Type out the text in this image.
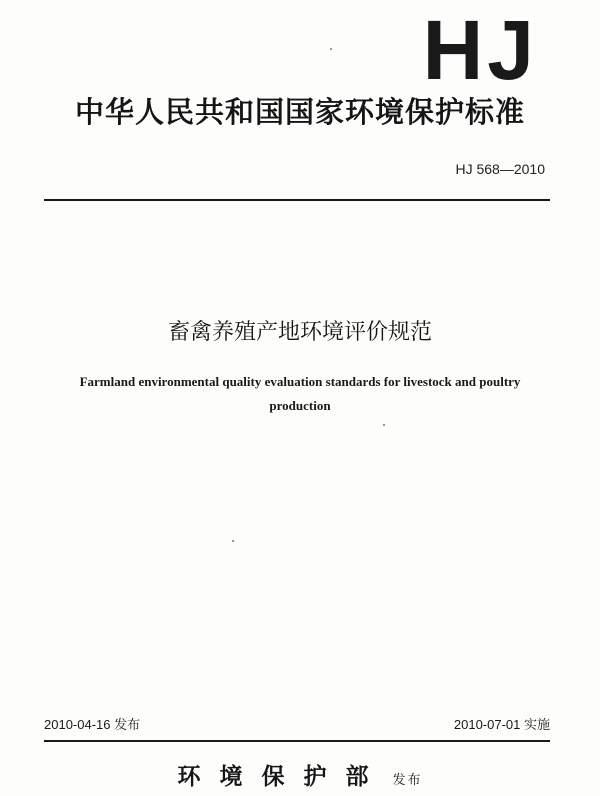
HJ
中华人民共和国国家环境保护标准
HJ 568—2010
畜禽养殖产地环境评价规范
Farmland environmental quality evaluation standards for livestock and poultry production
2010-04-16 发布	2010-07-01 实施
环境保护部 发布
